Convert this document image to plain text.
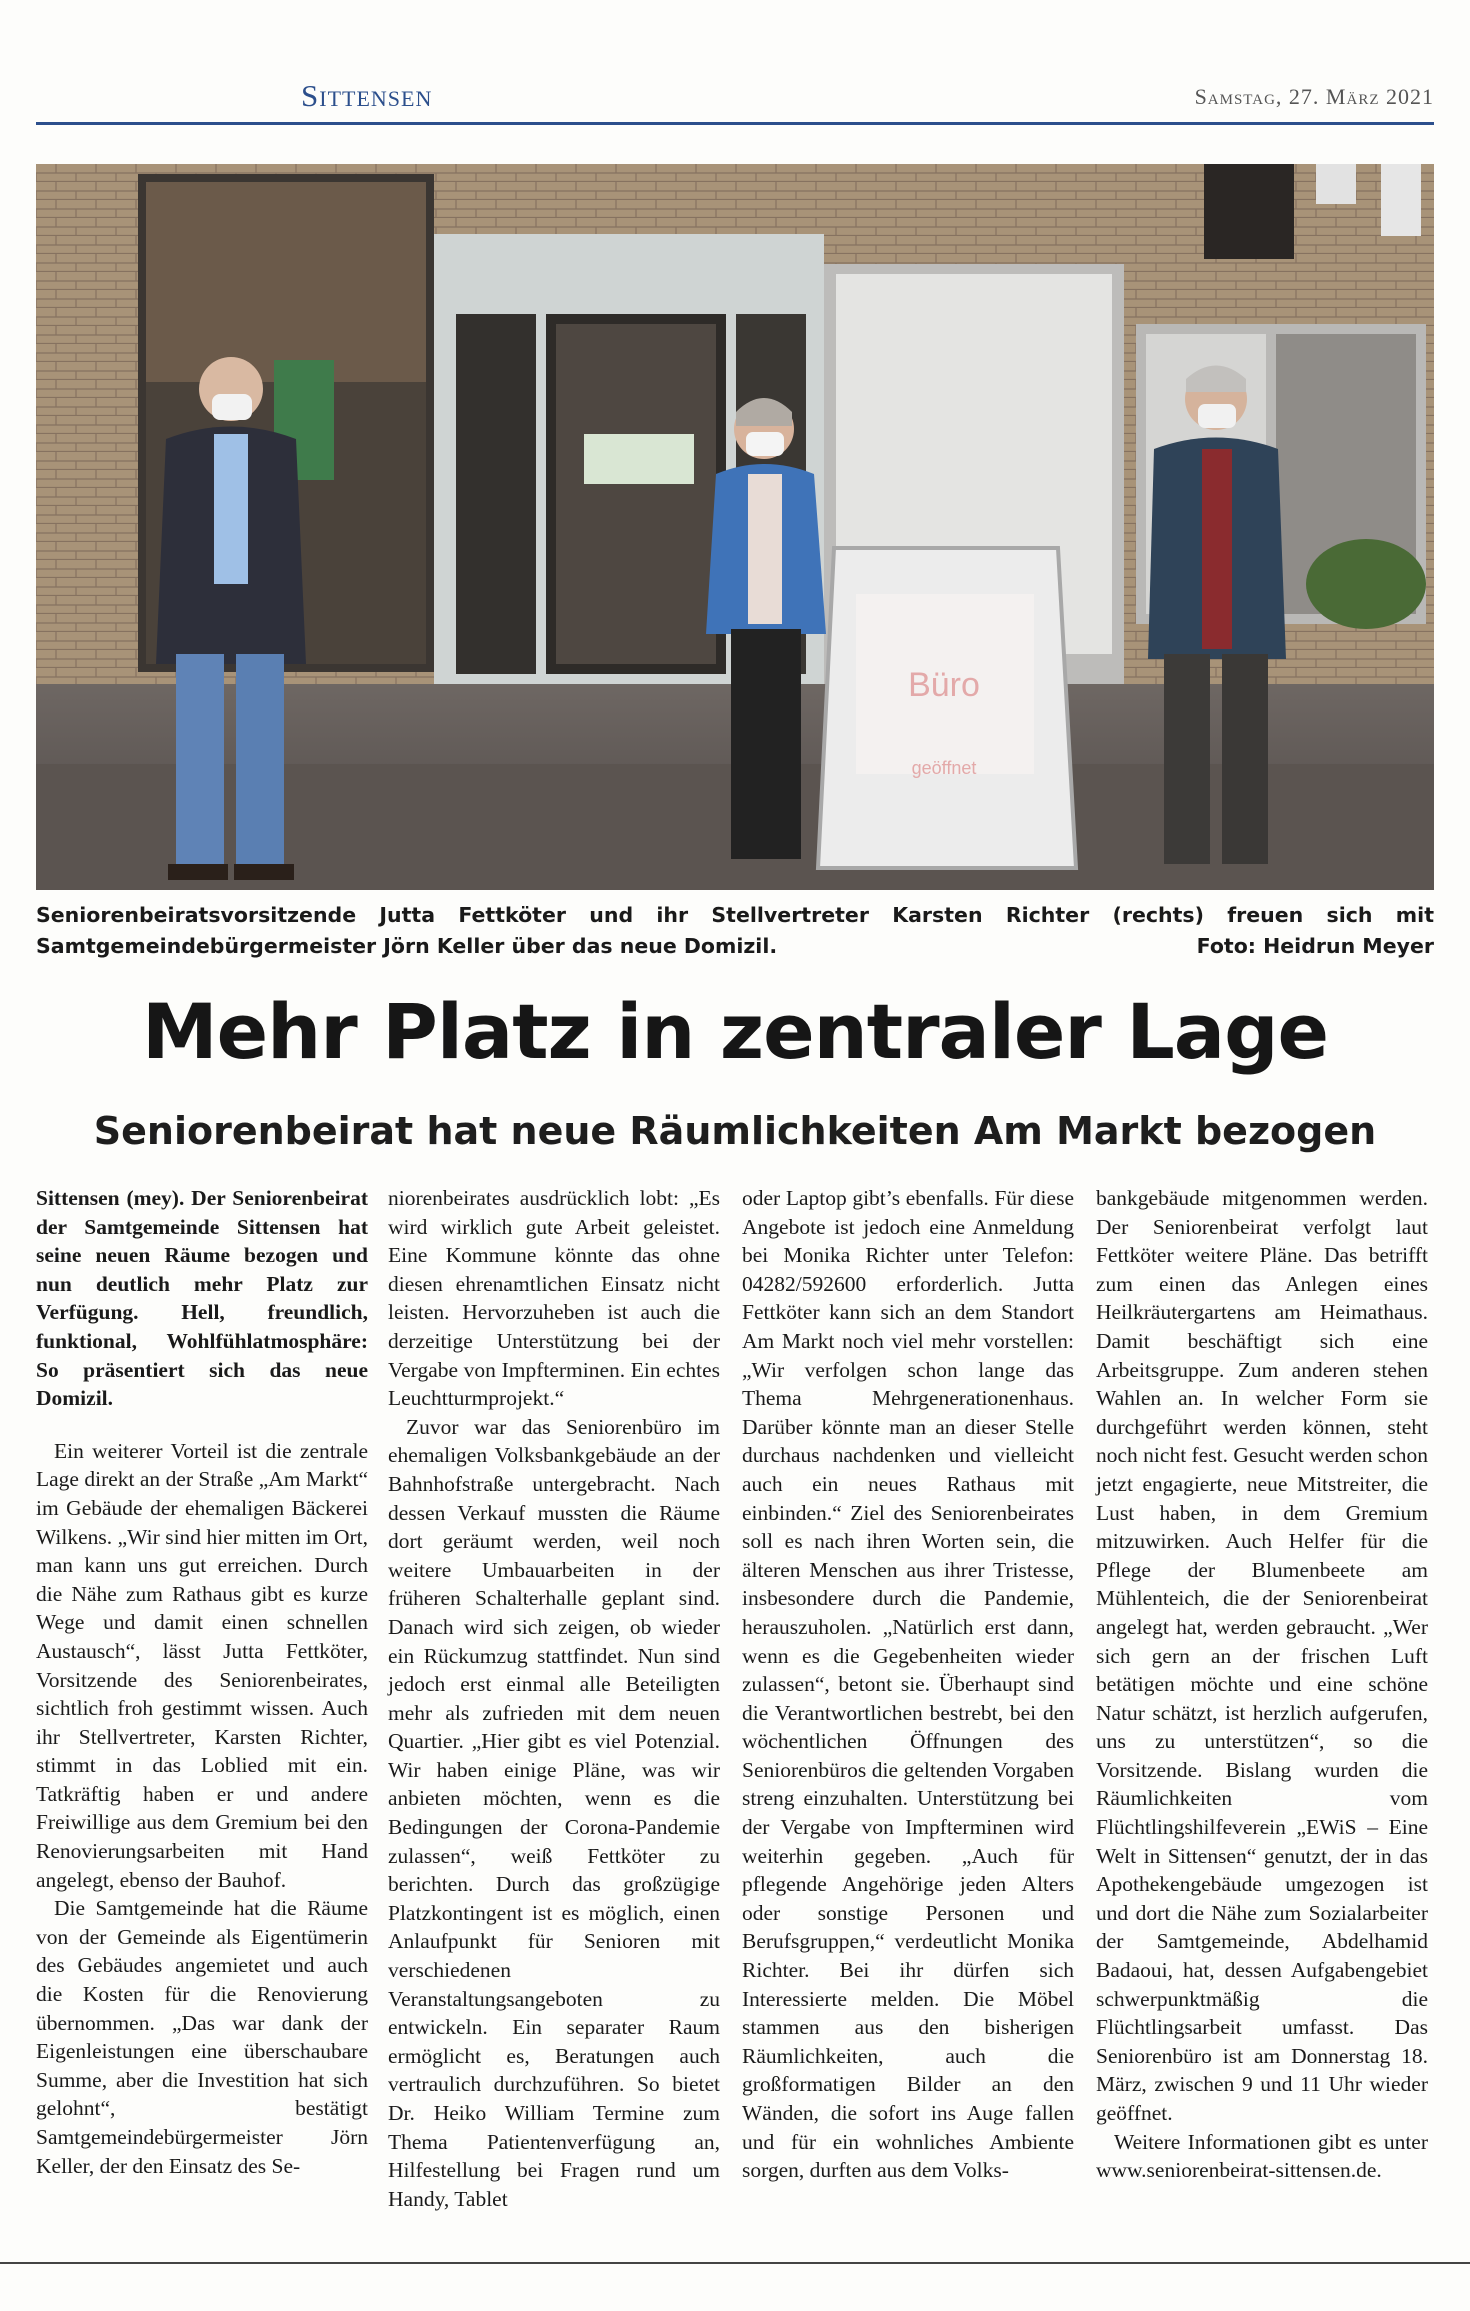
Sittensen	Samstag, 27. März 2021
Büro
geöffnet
Seniorenbeiratsvorsitzende Jutta Fettköter und ihr Stellvertreter Karsten Richter (rechts) freuen sich mit Samtgemeindebürgermeister Jörn Keller über das neue Domizil.	Foto: Heidrun Meyer
Mehr Platz in zentraler Lage
Seniorenbeirat hat neue Räumlichkeiten Am Markt bezogen

Sittensen (mey). Der Seniorenbeirat der Samtgemeinde Sittensen hat seine neuen Räume bezogen und nun deutlich mehr Platz zur Verfügung. Hell, freundlich, funktional, Wohlfühlatmosphäre: So präsentiert sich das neue Domizil.

Ein weiterer Vorteil ist die zentrale Lage direkt an der Straße „Am Markt“ im Gebäude der ehemaligen Bäckerei Wilkens. „Wir sind hier mitten im Ort, man kann uns gut erreichen. Durch die Nähe zum Rathaus gibt es kurze Wege und damit einen schnellen Austausch“, lässt Jutta Fettköter, Vorsitzende des Seniorenbeirates, sichtlich froh gestimmt wissen. Auch ihr Stellvertreter, Karsten Richter, stimmt in das Loblied mit ein. Tatkräftig haben er und andere Freiwillige aus dem Gremium bei den Renovierungsarbeiten mit Hand angelegt, ebenso der Bauhof.

Die Samtgemeinde hat die Räume von der Gemeinde als Eigentümerin des Gebäudes angemietet und auch die Kosten für die Renovierung übernommen. „Das war dank der Eigenleistungen eine überschaubare Summe, aber die Investition hat sich gelohnt“, bestätigt Samtgemeindebürgermeister Jörn Keller, der den Einsatz des Se-

niorenbeirates ausdrücklich lobt: „Es wird wirklich gute Arbeit geleistet. Eine Kommune könnte das ohne diesen ehrenamtlichen Einsatz nicht leisten. Hervorzuheben ist auch die derzeitige Unterstützung bei der Vergabe von Impfterminen. Ein echtes Leuchtturmprojekt.“

Zuvor war das Seniorenbüro im ehemaligen Volksbankgebäude an der Bahnhofstraße untergebracht. Nach dessen Verkauf mussten die Räume dort geräumt werden, weil noch weitere Umbauarbeiten in der früheren Schalterhalle geplant sind. Danach wird sich zeigen, ob wieder ein Rückumzug stattfindet. Nun sind jedoch erst einmal alle Beteiligten mehr als zufrieden mit dem neuen Quartier. „Hier gibt es viel Potenzial. Wir haben einige Pläne, was wir anbieten möchten, wenn es die Bedingungen der Corona-Pandemie zulassen“, weiß Fettköter zu berichten. Durch das großzügige Platzkontingent ist es möglich, einen Anlaufpunkt für Senioren mit verschiedenen Veranstaltungsangeboten zu entwickeln. Ein separater Raum ermöglicht es, Beratungen auch vertraulich durchzuführen. So bietet Dr. Heiko William Termine zum Thema Patientenverfügung an, Hilfestellung bei Fragen rund um Handy, Tablet

oder Laptop gibt’s ebenfalls. Für diese Angebote ist jedoch eine Anmeldung bei Monika Richter unter Telefon: 04282/592600 erforderlich. Jutta Fettköter kann sich an dem Standort Am Markt noch viel mehr vorstellen: „Wir verfolgen schon lange das Thema Mehrgenerationenhaus. Darüber könnte man an dieser Stelle durchaus nachdenken und vielleicht auch ein neues Rathaus mit einbinden.“ Ziel des Seniorenbeirates soll es nach ihren Worten sein, die älteren Menschen aus ihrer Tristesse, insbesondere durch die Pandemie, herauszuholen. „Natürlich erst dann, wenn es die Gegebenheiten wieder zulassen“, betont sie. Überhaupt sind die Verantwortlichen bestrebt, bei den wöchentlichen Öffnungen des Seniorenbüros die geltenden Vorgaben streng einzuhalten. Unterstützung bei der Vergabe von Impfterminen wird weiterhin gegeben. „Auch für pflegende Angehörige jeden Alters oder sonstige Personen und Berufsgruppen,“ verdeutlicht Monika Richter. Bei ihr dürfen sich Interessierte melden. Die Möbel stammen aus den bisherigen Räumlichkeiten, auch die großformatigen Bilder an den Wänden, die sofort ins Auge fallen und für ein wohnliches Ambiente sorgen, durften aus dem Volks-

bankgebäude mitgenommen werden. Der Seniorenbeirat verfolgt laut Fettköter weitere Pläne. Das betrifft zum einen das Anlegen eines Heilkräutergartens am Heimathaus. Damit beschäftigt sich eine Arbeitsgruppe. Zum anderen stehen Wahlen an. In welcher Form sie durchgeführt werden können, steht noch nicht fest. Gesucht werden schon jetzt engagierte, neue Mitstreiter, die Lust haben, in dem Gremium mitzuwirken. Auch Helfer für die Pflege der Blumenbeete am Mühlenteich, die der Seniorenbeirat angelegt hat, werden gebraucht. „Wer sich gern an der frischen Luft betätigen möchte und eine schöne Natur schätzt, ist herzlich aufgerufen, uns zu unterstützen“, so die Vorsitzende. Bislang wurden die Räumlichkeiten vom Flüchtlingshilfeverein „EWiS – Eine Welt in Sittensen“ genutzt, der in das Apothekengebäude umgezogen ist und dort die Nähe zum Sozialarbeiter der Samtgemeinde, Abdelhamid Badaoui, hat, dessen Aufgabengebiet schwerpunktmäßig die Flüchtlingsarbeit umfasst. Das Seniorenbüro ist am Donnerstag 18. März, zwischen 9 und 11 Uhr wieder geöffnet.

Weitere Informationen gibt es unter www.seniorenbeirat-sittensen.de.
